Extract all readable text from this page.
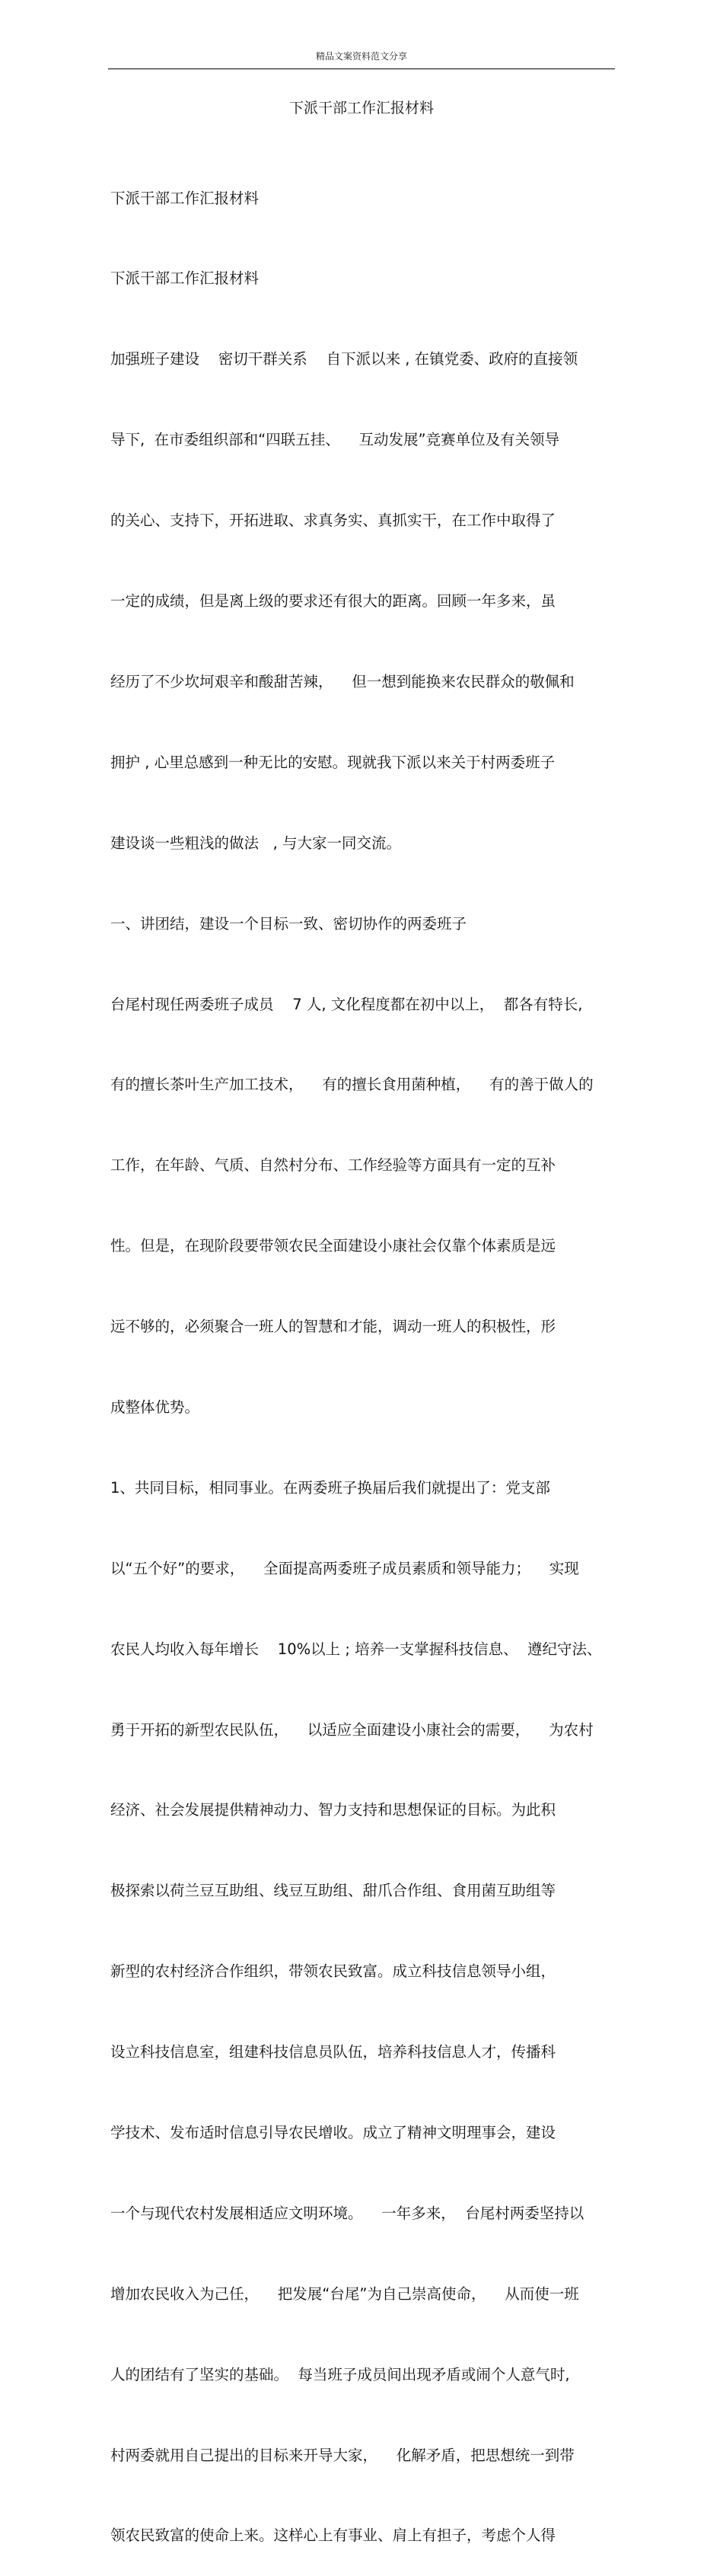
精品文案资料范文分享
下派干部工作汇报材料

下派干部工作汇报材料

下派干部工作汇报材料

加强班子建设    密切干群关系    自下派以来 , 在镇党委、政府的直接领

导下,  在市委组织部和“四联五挂、    互动发展”竞赛单位及有关领导

的关心、支持下，开拓进取、求真务实、真抓实干，在工作中取得了

一定的成绩，但是离上级的要求还有很大的距离。回顾一年多来，虽

经历了不少坎坷艰辛和酸甜苦辣，    但一想到能换来农民群众的敬佩和

拥护 , 心里总感到一种无比的安慰。现就我下派以来关于村两委班子

建设谈一些粗浅的做法   , 与大家一同交流。

一、讲团结，建设一个目标一致、密切协作的两委班子

台尾村现任两委班子成员    7 人, 文化程度都在初中以上，  都各有特长,

有的擅长茶叶生产加工技术，    有的擅长食用菌种植，    有的善于做人的

工作，在年龄、气质、自然村分布、工作经验等方面具有一定的互补

性。但是，在现阶段要带领农民全面建设小康社会仅靠个体素质是远

远不够的，必须聚合一班人的智慧和才能，调动一班人的积极性，形

成整体优势。

1、共同目标，相同事业。在两委班子换届后我们就提出了：党支部

以“五个好”的要求，    全面提高两委班子成员素质和领导能力；    实现

农民人均收入每年增长    10%以上 ; 培养一支掌握科技信息、  遵纪守法、

勇于开拓的新型农民队伍，    以适应全面建设小康社会的需要，    为农村

经济、社会发展提供精神动力、智力支持和思想保证的目标。为此积

极探索以荷兰豆互助组、线豆互助组、甜爪合作组、食用菌互助组等

新型的农村经济合作组织，带领农民致富。成立科技信息领导小组，

设立科技信息室，组建科技信息员队伍，培养科技信息人才，传播科

学技术、发布适时信息引导农民增收。成立了精神文明理事会，建设

一个与现代农村发展相适应文明环境。    一年多来，  台尾村两委坚持以

增加农民收入为己任，    把发展“台尾”为自己崇高使命，    从而使一班

人的团结有了坚实的基础。  每当班子成员间出现矛盾或闹个人意气时,

村两委就用自己提出的目标来开导大家，    化解矛盾，把思想统一到带

领农民致富的使命上来。这样心上有事业、肩上有担子，考虑个人得
